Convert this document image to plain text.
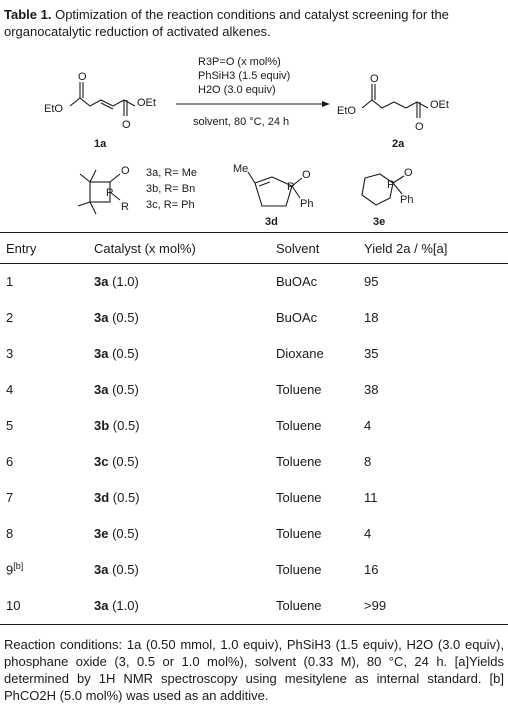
Table 1. Optimization of the reaction conditions and catalyst screening for the organocatalytic reduction of activated alkenes.
O
EtO	OEt
O
1a
R3P=O (x mol%)
PhSiH3 (1.5 equiv)
H2O (3.0 equiv)
solvent, 80 °C, 24 h
O
EtO	OEt
O
2a
P
O
R
3a, R= Me
3b, R= Bn
3c, R= Ph
Me
P
O
Ph
3d
P
O
Ph
3e
Entry	Catalyst (x mol%)	Solvent	Yield 2a / %[a]
1	3a (1.0)	BuOAc	95
2	3a (0.5)	BuOAc	18
3	3a (0.5)	Dioxane	35
4	3a (0.5)	Toluene	38
5	3b (0.5)	Toluene	4
6	3c (0.5)	Toluene	8
7	3d (0.5)	Toluene	11
8	3e (0.5)	Toluene	4
9[b]	3a (0.5)	Toluene	16
10	3a (1.0)	Toluene	>99
Reaction conditions: 1a (0.50 mmol, 1.0 equiv), PhSiH3 (1.5 equiv), H2O (3.0 equiv), phosphane oxide (3, 0.5 or 1.0 mol%), solvent (0.33 M), 80 °C, 24 h. [a]Yields determined by 1H NMR spectroscopy using mesitylene as internal standard. [b] PhCO2H (5.0 mol%) was used as an additive.
